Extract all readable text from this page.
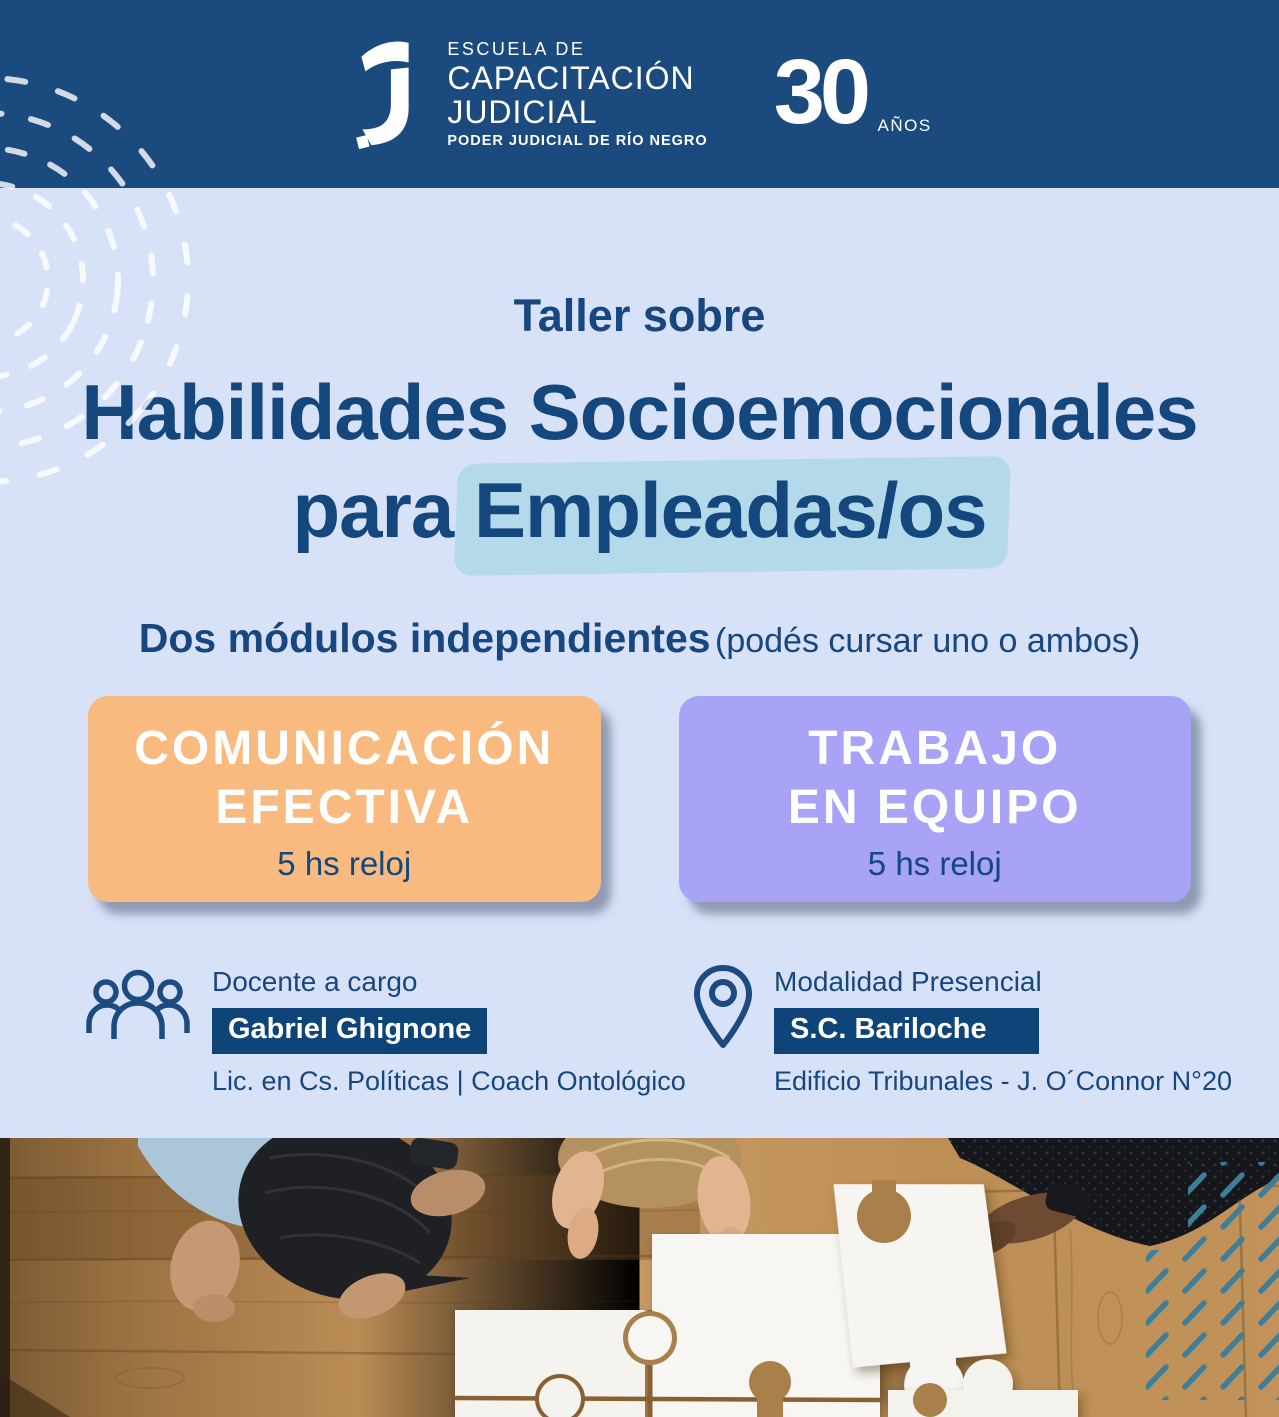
ESCUELA DE
CAPACITACIÓN
JUDICIAL
PODER JUDICIAL DE RÍO NEGRO 30 AÑOS
Taller sobre
Habilidades Socioemocionales
para Empleadas/os
Dos módulos independientes (podés cursar uno o ambos)
COMUNICACIÓN
EFECTIVA
5 hs reloj
TRABAJO
EN EQUIPO
5 hs reloj
Docente a cargo
Gabriel Ghignone
Lic. en Cs. Políticas | Coach Ontológico
Modalidad Presencial
S.C. Bariloche
Edificio Tribunales - J. O´Connor N°20
